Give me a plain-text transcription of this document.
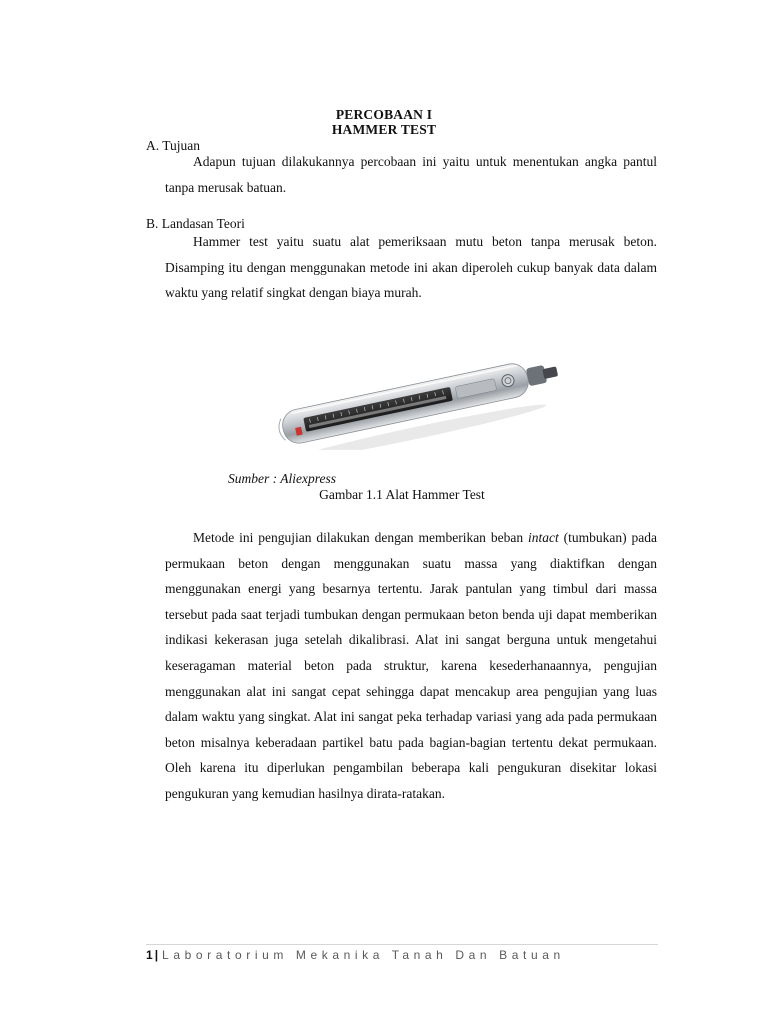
PERCOBAAN I
HAMMER TEST
A. Tujuan

Adapun tujuan dilakukannya percobaan ini yaitu untuk menentukan angka pantul tanpa merusak batuan.

B. Landasan Teori

Hammer test yaitu suatu alat pemeriksaan mutu beton tanpa merusak beton. Disamping itu dengan menggunakan metode ini akan diperoleh cukup banyak data dalam waktu yang relatif singkat dengan biaya murah.

Sumber : Aliexpress
Gambar 1.1 Alat Hammer Test

Metode ini pengujian dilakukan dengan memberikan beban intact (tumbukan) pada permukaan beton dengan menggunakan suatu massa yang diaktifkan dengan menggunakan energi yang besarnya tertentu. Jarak pantulan yang timbul dari massa tersebut pada saat terjadi tumbukan dengan permukaan beton benda uji dapat memberikan indikasi kekerasan juga setelah dikalibrasi. Alat ini sangat berguna untuk mengetahui keseragaman material beton pada struktur, karena kesederhanaannya, pengujian menggunakan alat ini sangat cepat sehingga dapat mencakup area pengujian yang luas dalam waktu yang singkat. Alat ini sangat peka terhadap variasi yang ada pada permukaan beton misalnya keberadaan partikel batu pada bagian-bagian tertentu dekat permukaan. Oleh karena itu diperlukan pengambilan beberapa kali pengukuran disekitar lokasi pengukuran yang kemudian hasilnya dirata-ratakan.

1 | Laboratorium Mekanika Tanah Dan Batuan
